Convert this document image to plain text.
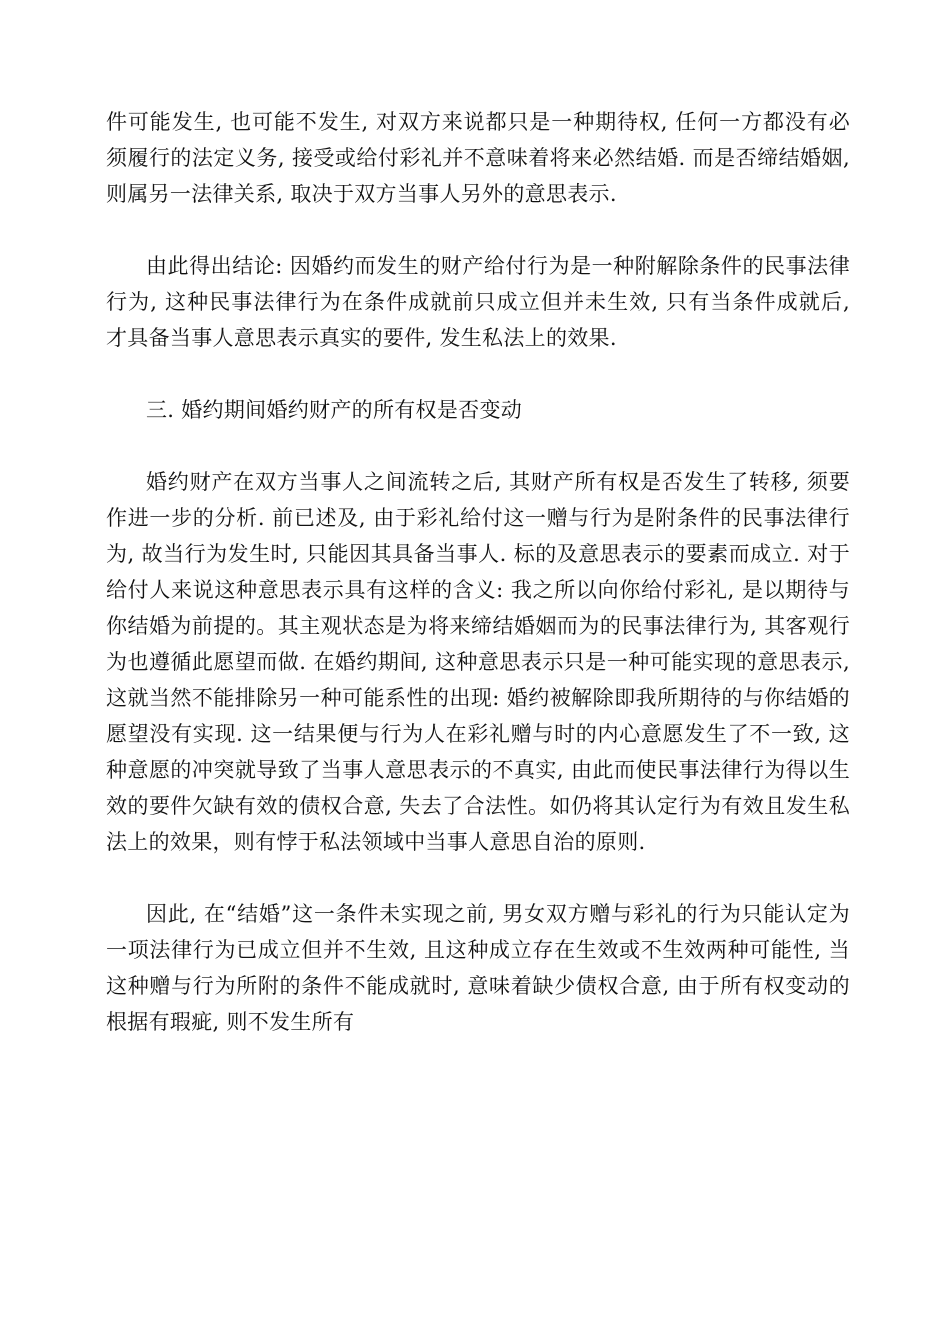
件可能发生, 也可能不发生, 对双方来说都只是一种期待权, 任何一方都没有必须履行的法定义务, 接受或给付彩礼并不意味着将来必然结婚. 而是否缔结婚姻, 则属另一法律关系, 取决于双方当事人另外的意思表示.

由此得出结论: 因婚约而发生的财产给付行为是一种附解除条件的民事法律行为, 这种民事法律行为在条件成就前只成立但并未生效, 只有当条件成就后, 才具备当事人意思表示真实的要件, 发生私法上的效果.

三. 婚约期间婚约财产的所有权是否变动

婚约财产在双方当事人之间流转之后, 其财产所有权是否发生了转移, 须要作进一步的分析. 前已述及, 由于彩礼给付这一赠与行为是附条件的民事法律行为, 故当行为发生时, 只能因其具备当事人. 标的及意思表示的要素而成立. 对于给付人来说这种意思表示具有这样的含义: 我之所以向你给付彩礼, 是以期待与你结婚为前提的。其主观状态是为将来缔结婚姻而为的民事法律行为, 其客观行为也遵循此愿望而做. 在婚约期间, 这种意思表示只是一种可能实现的意思表示, 这就当然不能排除另一种可能系性的出现: 婚约被解除即我所期待的与你结婚的愿望没有实现. 这一结果便与行为人在彩礼赠与时的内心意愿发生了不一致, 这种意愿的冲突就导致了当事人意思表示的不真实, 由此而使民事法律行为得以生效的要件欠缺有效的债权合意, 失去了合法性。如仍将其认定行为有效且发生私法上的效果，则有悖于私法领域中当事人意思自治的原则.

因此, 在“结婚”这一条件未实现之前, 男女双方赠与彩礼的行为只能认定为一项法律行为已成立但并不生效, 且这种成立存在生效或不生效两种可能性, 当这种赠与行为所附的条件不能成就时, 意味着缺少债权合意, 由于所有权变动的根据有瑕疵, 则不发生所有
